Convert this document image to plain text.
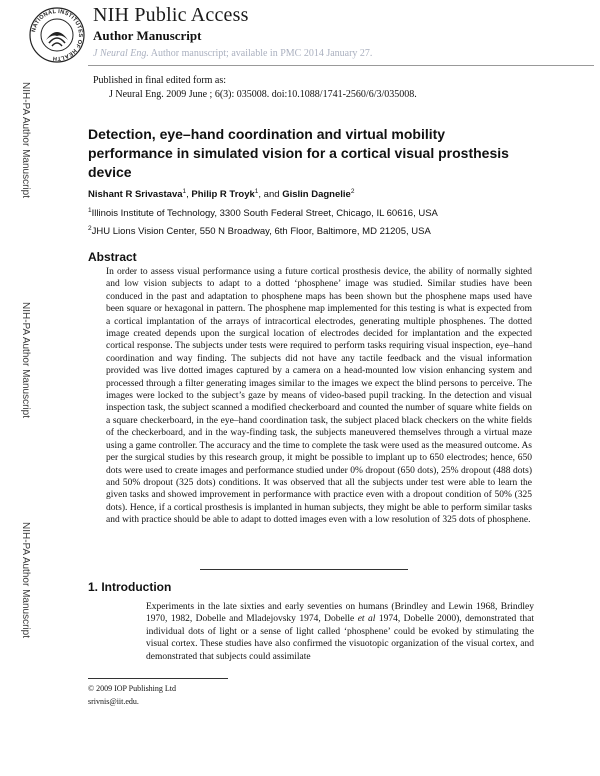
NATIONAL INSTITUTES OF HEALTH
NIH Public Access
Author Manuscript
J Neural Eng. Author manuscript; available in PMC 2014 January 27.
Published in final edited form as:
J Neural Eng. 2009 June ; 6(3): 035008. doi:10.1088/1741-2560/6/3/035008.
NIH-PA Author Manuscript
NIH-PA Author Manuscript
NIH-PA Author Manuscript
Detection, eye–hand coordination and virtual mobility performance in simulated vision for a cortical visual prosthesis device
Nishant R Srivastava$^1$, Philip R Troyk$^1$, and Gislin Dagnelie$^2$
$^1$Illinois Institute of Technology, 3300 South Federal Street, Chicago, IL 60616, USA
$^2$JHU Lions Vision Center, 550 N Broadway, 6th Floor, Baltimore, MD 21205, USA
Abstract
In order to assess visual performance using a future cortical prosthesis device, the ability of normally sighted and low vision subjects to adapt to a dotted ‘phosphene’ image was studied. Similar studies have been conduced in the past and adaptation to phosphene maps has been shown but the phosphene maps used have been square or hexagonal in pattern. The phosphene map implemented for this testing is what is expected from a cortical implantation of the arrays of intracortical electrodes, generating multiple phosphenes. The dotted image created depends upon the surgical location of electrodes decided for implantation and the expected cortical response. The subjects under tests were required to perform tasks requiring visual inspection, eye–hand coordination and way finding. The subjects did not have any tactile feedback and the visual information provided was live dotted images captured by a camera on a head-mounted low vision enhancing system and processed through a filter generating images similar to the images we expect the blind persons to perceive. The images were locked to the subject’s gaze by means of video-based pupil tracking. In the detection and visual inspection task, the subject scanned a modified checkerboard and counted the number of square white fields on a square checkerboard, in the eye–hand coordination task, the subject placed black checkers on the white fields of the checkerboard, and in the way-finding task, the subjects maneuvered themselves through a virtual maze using a game controller. The accuracy and the time to complete the task were used as the measured outcome. As per the surgical studies by this research group, it might be possible to implant up to 650 electrodes; hence, 650 dots were used to create images and performance studied under 0% dropout (650 dots), 25% dropout (488 dots) and 50% dropout (325 dots) conditions. It was observed that all the subjects under test were able to learn the given tasks and showed improvement in performance with practice even with a dropout condition of 50% (325 dots). Hence, if a cortical prosthesis is implanted in human subjects, they might be able to perform similar tasks and with practice should be able to adapt to dotted images even with a low resolution of 325 dots of phosphene.
1. Introduction
Experiments in the late sixties and early seventies on humans (Brindley and Lewin 1968, Brindley 1970, 1982, Dobelle and Mladejovsky 1974, Dobelle et al 1974, Dobelle 2000), demonstrated that individual dots of light or a sense of light called ‘phosphene’ could be evoked by stimulating the visual cortex. These studies have also confirmed the visuotopic organization of the visual cortex, and demonstrated that subjects could assimilate
© 2009 IOP Publishing Ltd
srivnis@iit.edu.
